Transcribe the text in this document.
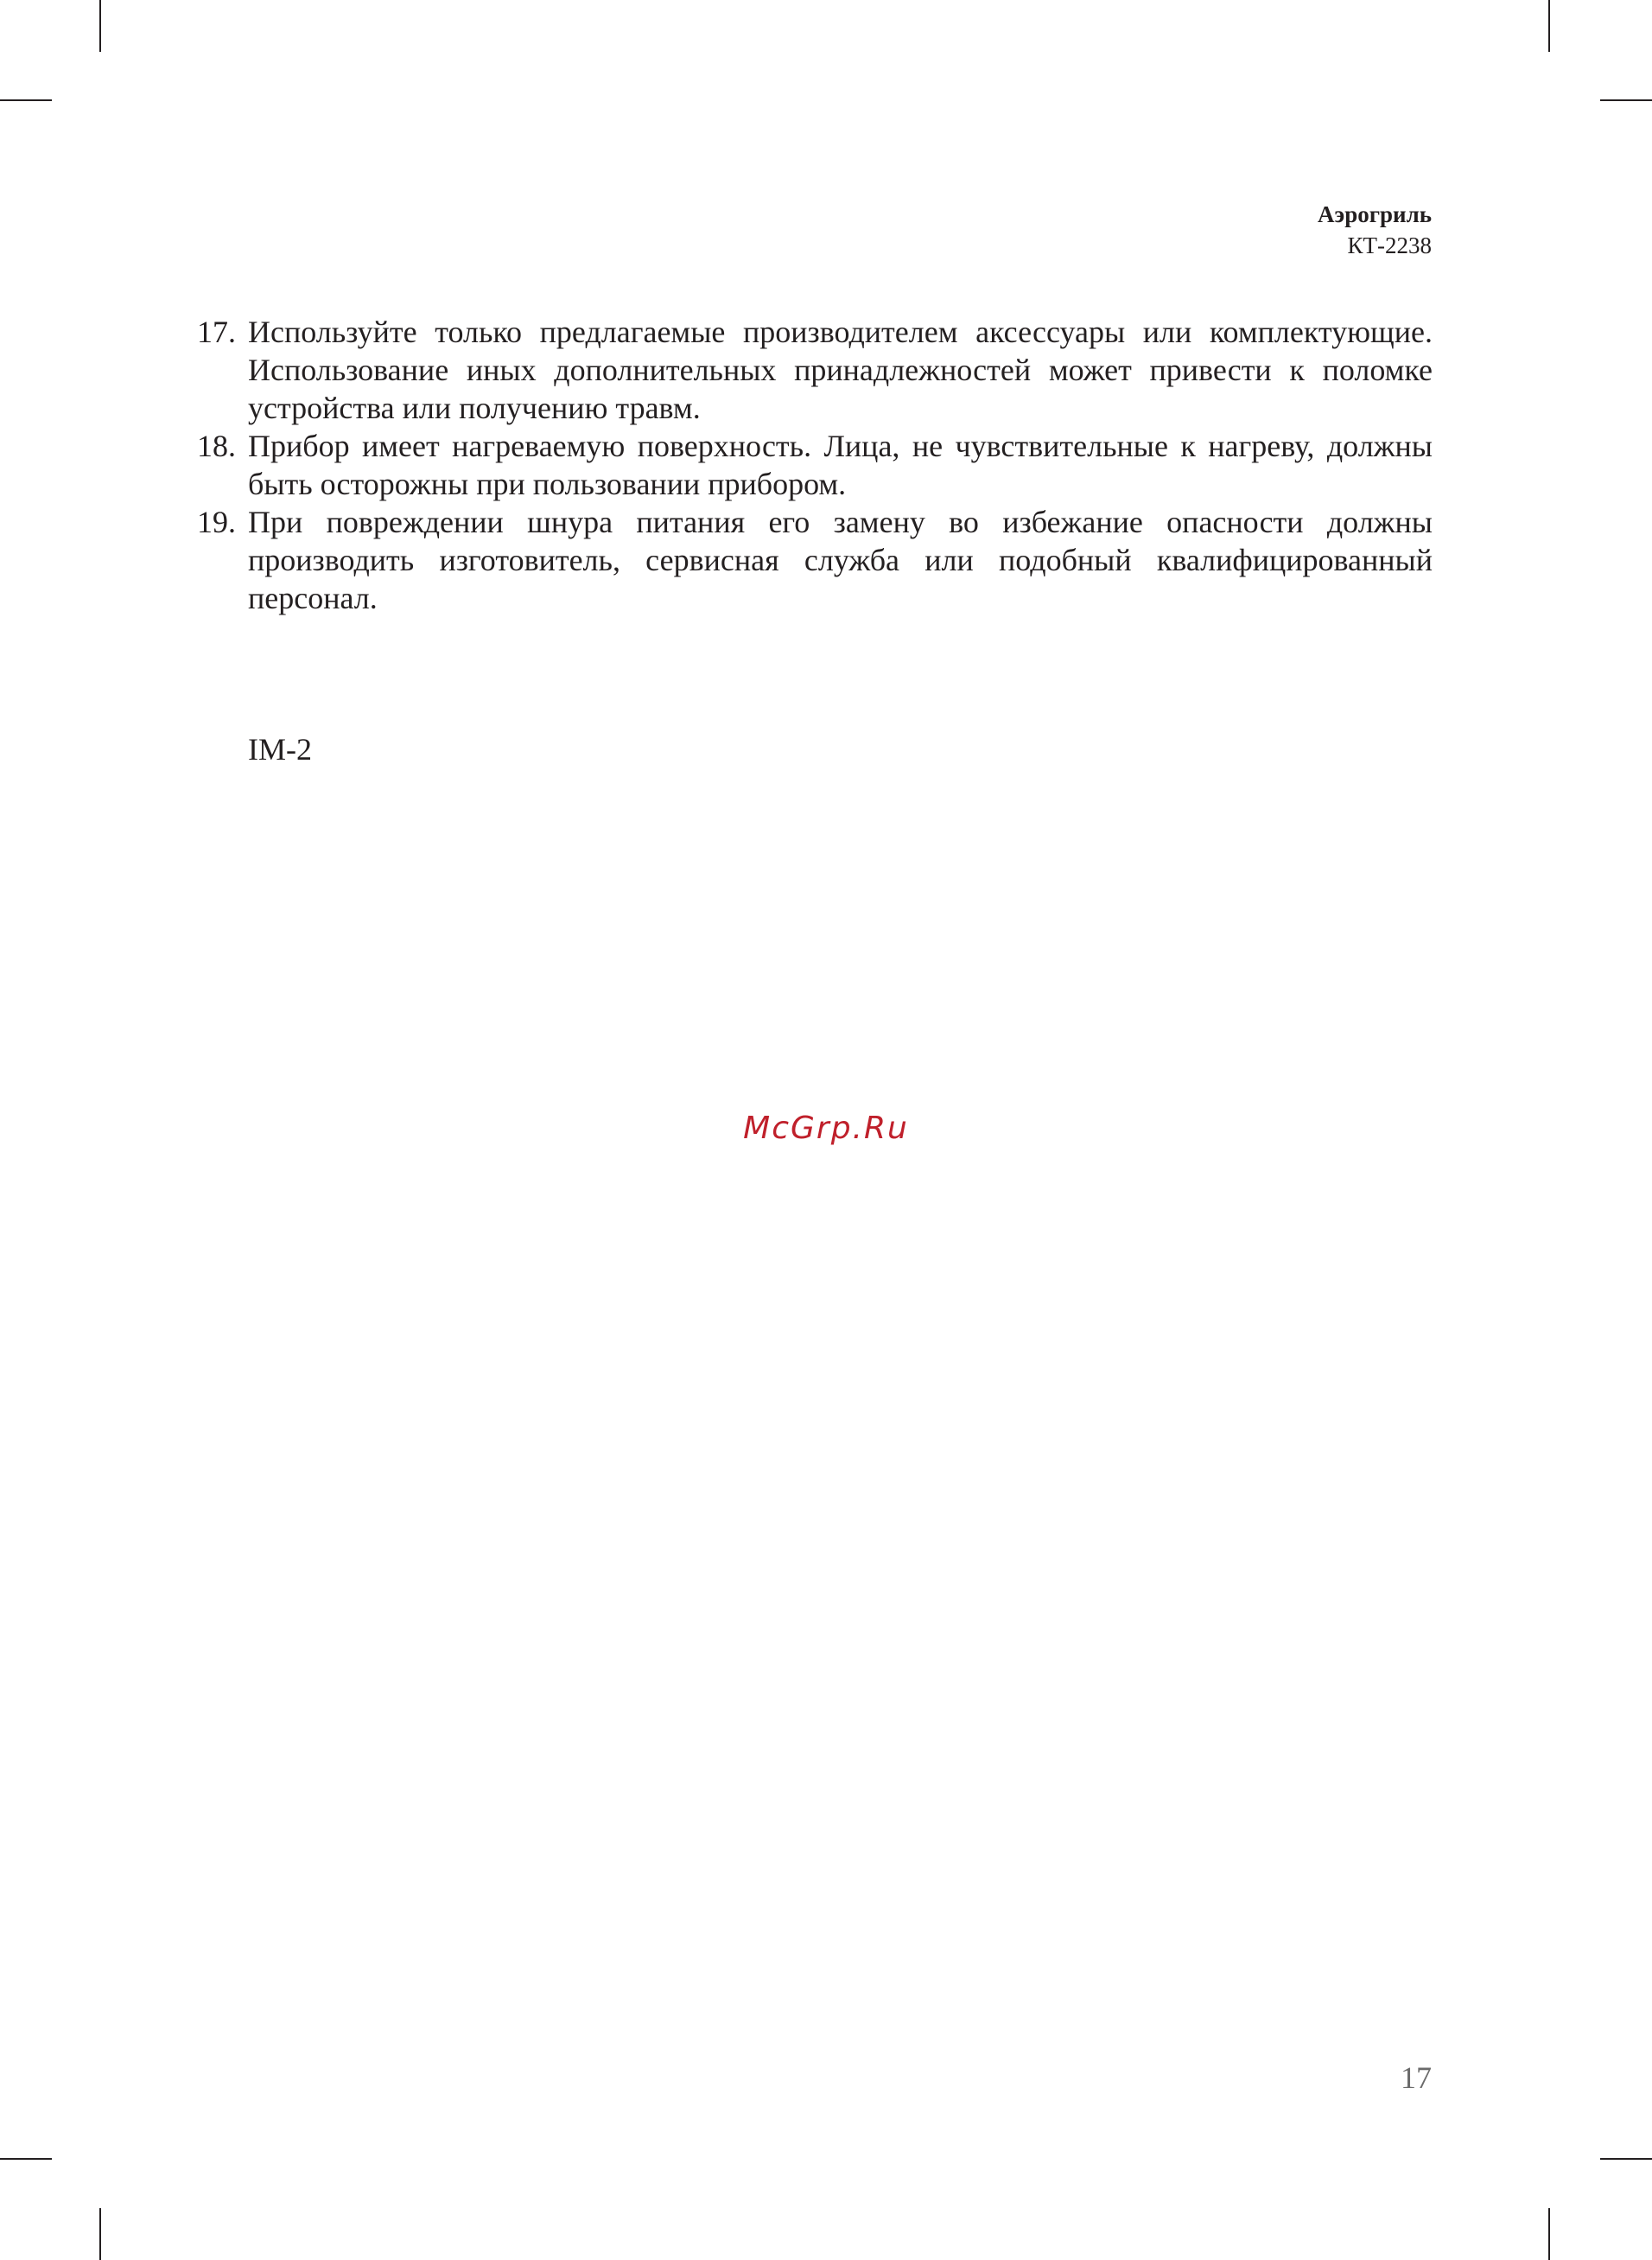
Аэрогриль
КТ-2238
17. Используйте только предлагаемые производителем аксессуары или комплектующие. Использование иных дополнительных принадлежностей может привести к поломке устройства или получению травм.
18. Прибор имеет нагреваемую поверхность. Лица, не чувствительные к нагреву, должны быть осторожны при пользовании прибором.
19. При повреждении шнура питания его замену во избежание опасности должны производить изготовитель, сервисная служба или подобный квалифицированный персонал.
IM-2
McGrp.Ru
17
